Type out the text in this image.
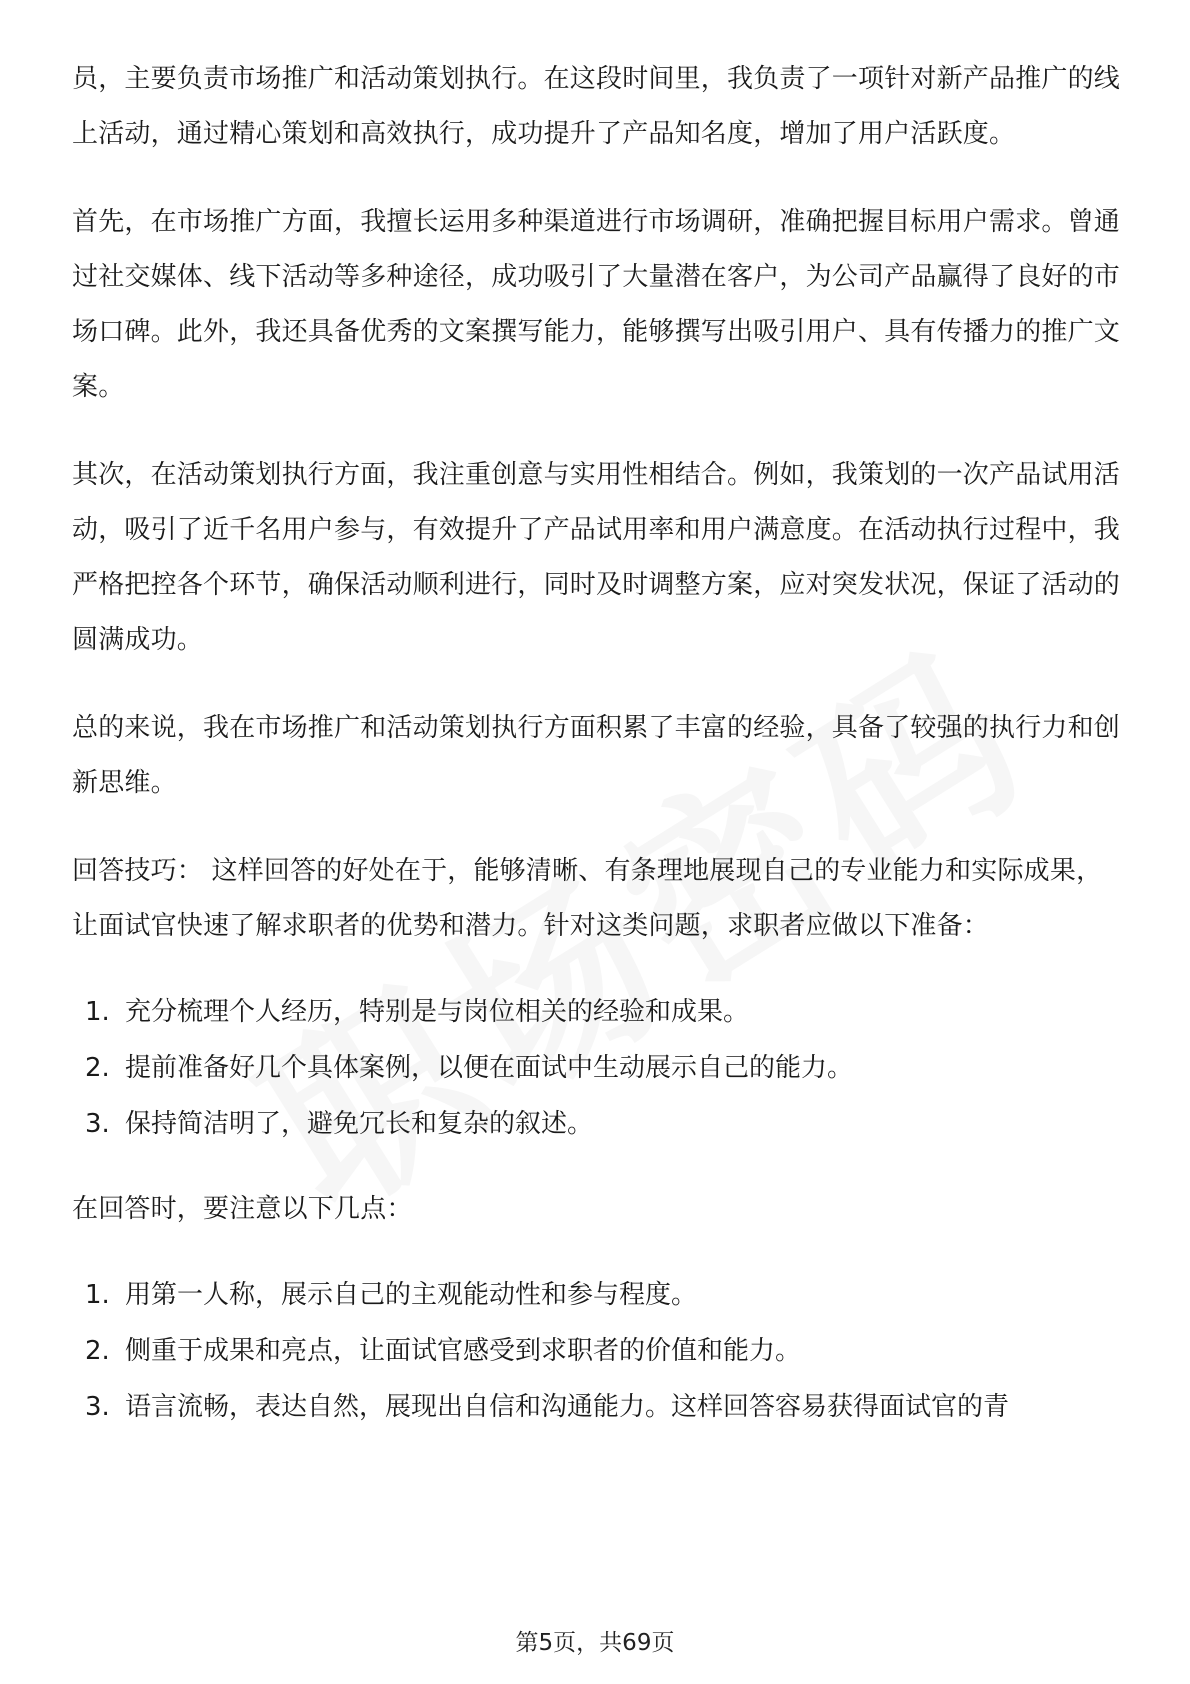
员，主要负责市场推广和活动策划执行。在这段时间里，我负责了一项针对新产品推广的线上活动，通过精心策划和高效执行，成功提升了产品知名度，增加了用户活跃度。

首先，在市场推广方面，我擅长运用多种渠道进行市场调研，准确把握目标用户需求。曾通过社交媒体、线下活动等多种途径，成功吸引了大量潜在客户，为公司产品赢得了良好的市场口碑。此外，我还具备优秀的文案撰写能力，能够撰写出吸引用户、具有传播力的推广文案。

其次，在活动策划执行方面，我注重创意与实用性相结合。例如，我策划的一次产品试用活动，吸引了近千名用户参与，有效提升了产品试用率和用户满意度。在活动执行过程中，我严格把控各个环节，确保活动顺利进行，同时及时调整方案，应对突发状况，保证了活动的圆满成功。

总的来说，我在市场推广和活动策划执行方面积累了丰富的经验，具备了较强的执行力和创新思维。

回答技巧： 这样回答的好处在于，能够清晰、有条理地展现自己的专业能力和实际成果，让面试官快速了解求职者的优势和潜力。针对这类问题，求职者应做以下准备：

1. 充分梳理个人经历，特别是与岗位相关的经验和成果。
2. 提前准备好几个具体案例，以便在面试中生动展示自己的能力。
3. 保持简洁明了，避免冗长和复杂的叙述。

在回答时，要注意以下几点：

1. 用第一人称，展示自己的主观能动性和参与程度。
2. 侧重于成果和亮点，让面试官感受到求职者的价值和能力。
3. 语言流畅，表达自然，展现出自信和沟通能力。这样回答容易获得面试官的青
第5页，共69页
